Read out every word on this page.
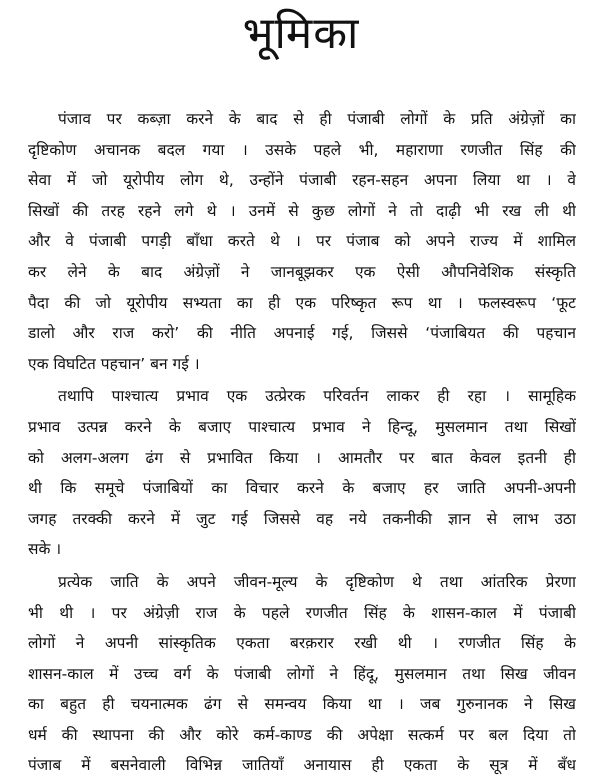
भूमिका
पंजाव पर कब्ज़ा करने के बाद से ही पंजाबी लोगों के प्रति अंग्रेज़ों का
दृष्टिकोण अचानक बदल गया । उसके पहले भी, महाराणा रणजीत सिंह की
सेवा में जो यूरोपीय लोग थे, उन्होंने पंजाबी रहन-सहन अपना लिया था । वे
सिखों की तरह रहने लगे थे । उनमें से कुछ लोगों ने तो दाढ़ी भी रख ली थी
और वे पंजाबी पगड़ी बाँधा करते थे । पर पंजाब को अपने राज्य में शामिल
कर लेने के बाद अंग्रेज़ों ने जानबूझकर एक ऐसी औपनिवेशिक संस्कृति
पैदा की जो यूरोपीय सभ्यता का ही एक परिष्कृत रूप था । फलस्वरूप ‘फूट
डालो और राज करो’ की नीति अपनाई गई, जिससे ‘पंजाबियत की पहचान
एक विघटित पहचान’ बन गई ।
तथापि पाश्चात्य प्रभाव एक उत्प्रेरक परिवर्तन लाकर ही रहा । सामूहिक
प्रभाव उत्पन्न करने के बजाए पाश्चात्य प्रभाव ने हिन्दू, मुसलमान तथा सिखों
को अलग-अलग ढंग से प्रभावित किया । आमतौर पर बात केवल इतनी ही
थी कि समूचे पंजाबियों का विचार करने के बजाए हर जाति अपनी-अपनी
जगह तरक्की करने में जुट गई जिससे वह नये तकनीकी ज्ञान से लाभ उठा
सके ।
प्रत्येक जाति के अपने जीवन-मूल्य के दृष्टिकोण थे तथा आंतरिक प्रेरणा
भी थी । पर अंग्रेज़ी राज के पहले रणजीत सिंह के शासन-काल में पंजाबी
लोगों ने अपनी सांस्कृतिक एकता बरक़रार रखी थी । रणजीत सिंह के
शासन-काल में उच्च वर्ग के पंजाबी लोगों ने हिंदू, मुसलमान तथा सिख जीवन
का बहुत ही चयनात्मक ढंग से समन्वय किया था । जब गुरुनानक ने सिख
धर्म की स्थापना की और कोरे कर्म-काण्ड की अपेक्षा सत्कर्म पर बल दिया तो
पंजाब में बसनेवाली विभिन्न जातियाँ अनायास ही एकता के सूत्र में बँध
